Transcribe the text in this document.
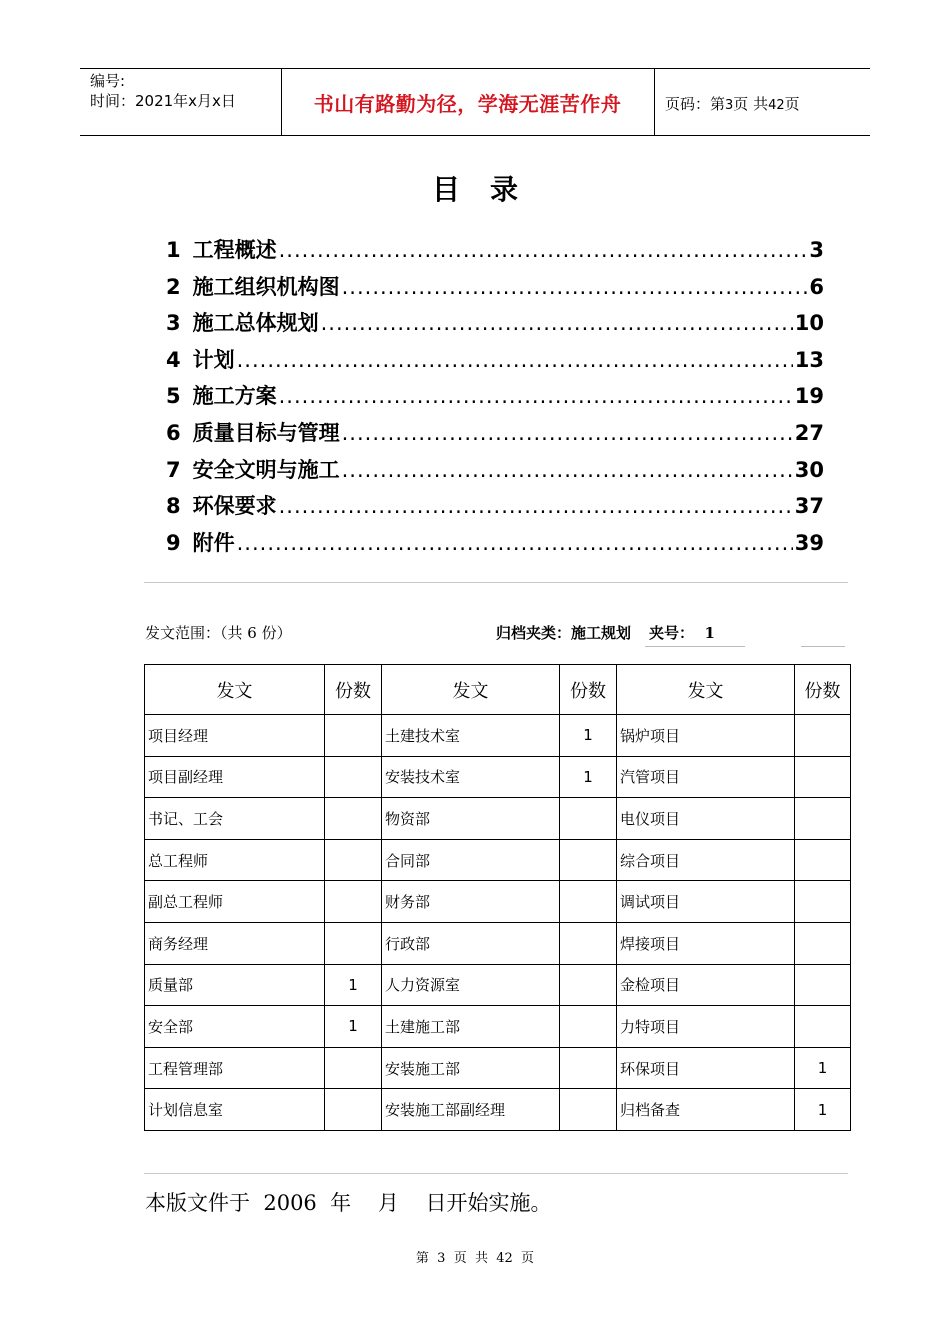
编号:
时间：2021年x月x日	书山有路勤为径，学海无涯苦作舟	页码：第3页 共42页
目录
1 工程概述 .....	3
2 施工组织机构图 .....	6
3 施工总体规划 .....	10
4 计划 .....	13
5 施工方案 .....	19
6 质量目标与管理 .....	27
7 安全文明与施工 .....	30
8 环保要求 .....	37
9 附件 .....	39
发文范围：（共 6 份）	归档夹类：施工规划 夹号： 1
发文	份数	发文	份数	发文	份数
项目经理		土建技术室	1	锅炉项目	
项目副经理		安装技术室	1	汽管项目	
书记、工会		物资部		电仪项目	
总工程师		合同部		综合项目	
副总工程师		财务部		调试项目	
商务经理		行政部		焊接项目	
质量部	1	人力资源室		金检项目	
安全部	1	土建施工部		力特项目	
工程管理部		安装施工部		环保项目	1
计划信息室		安装施工部副经理		归档备查	1
本版文件于  2006  年    月    日开始实施。
第  3  页  共  42  页
